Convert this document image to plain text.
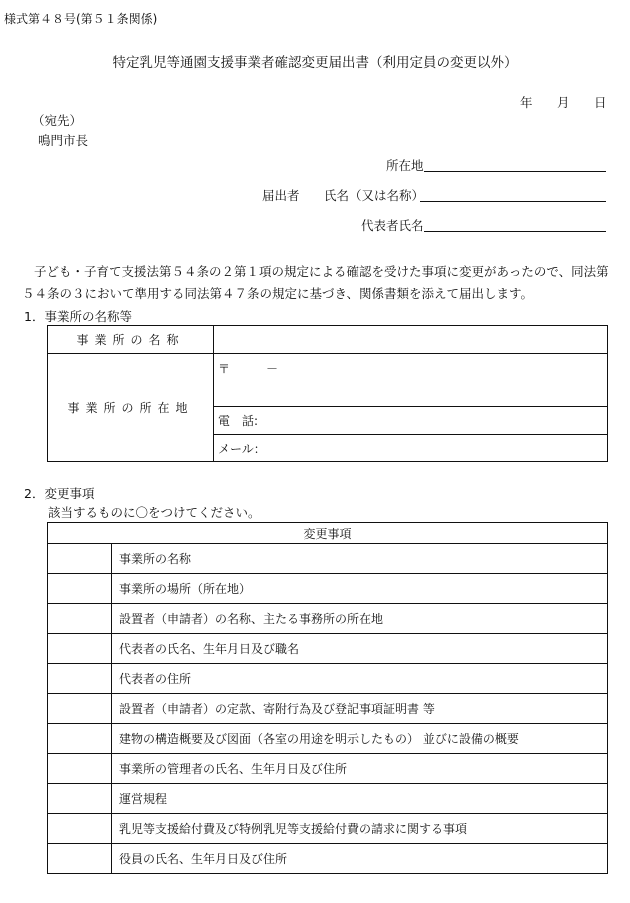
様式第４８号(第５１条関係)
特定乳児等通園支援事業者確認変更届出書（利用定員の変更以外）
年 月 日
（宛先）
鳴門市長
所在地
届出者 氏名（又は名称）
代表者氏名
子ども・子育て支援法第５４条の２第１項の規定による確認を受けた事項に変更があったので、同法第５４条の３において準用する同法第４７条の規定に基づき、関係書類を添えて届出します。
1．事業所の名称等
事業所の名称	
事業所の所在地	〒　　　－
	電　話:
	メール：
2．変更事項
該当するものに〇をつけてください。
変更事項	
	事業所の名称
	事業所の場所（所在地）
	設置者（申請者）の名称、主たる事務所の所在地
	代表者の氏名、生年月日及び職名
	代表者の住所
	設置者（申請者）の定款、寄附行為及び登記事項証明書 等
	建物の構造概要及び図面（各室の用途を明示したもの） 並びに設備の概要
	事業所の管理者の氏名、生年月日及び住所
	運営規程
	乳児等支援給付費及び特例乳児等支援給付費の請求に関する事項
	役員の氏名、生年月日及び住所
